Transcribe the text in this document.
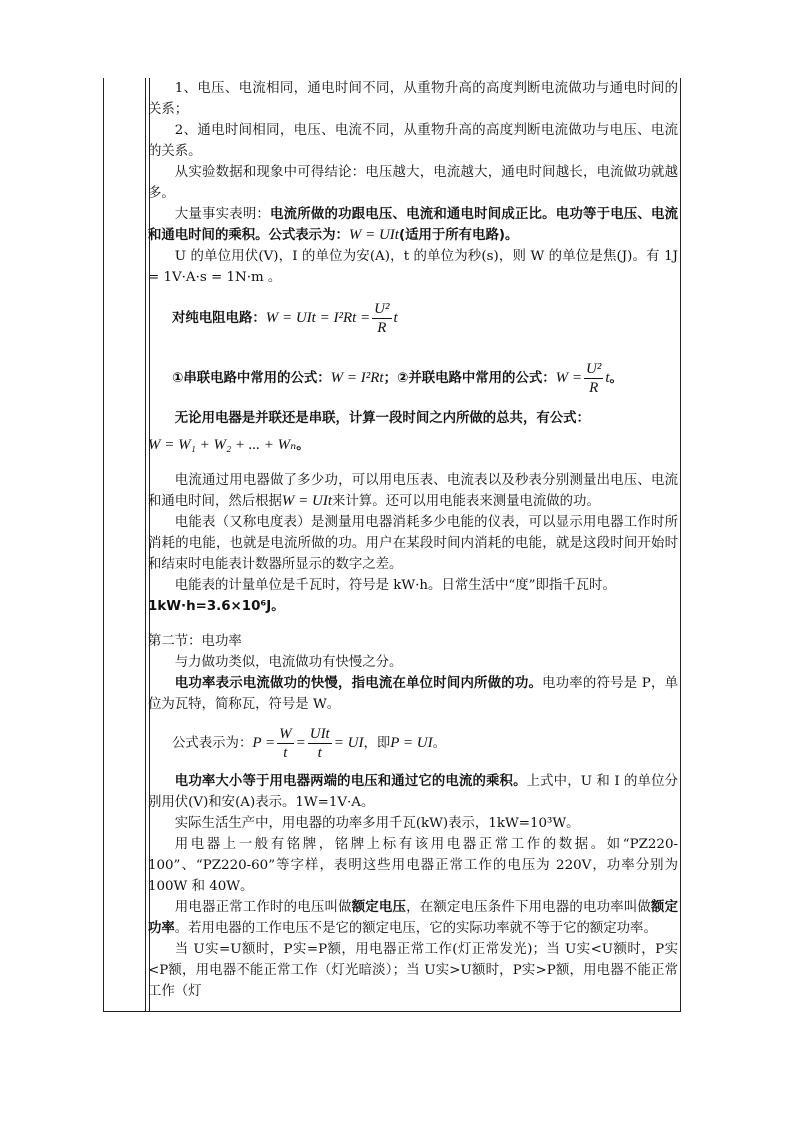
1、电压、电流相同，通电时间不同，从重物升高的高度判断电流做功与通电时间的关系；

2、通电时间相同，电压、电流不同，从重物升高的高度判断电流做功与电压、电流的关系。

从实验数据和现象中可得结论：电压越大，电流越大，通电时间越长，电流做功就越多。

大量事实表明：电流所做的功跟电压、电流和通电时间成正比。电功等于电压、电流和通电时间的乘积。公式表示为：W = UIt(适用于所有电路)。

U 的单位用伏(V)，I 的单位为安(A)，t 的单位为秒(s)，则 W 的单位是焦(J)。有 1J = 1V·A·s = 1N·m 。

对纯电阻电路： W = UIt = $I^2Rt = \frac{\text{U²}}{R}$ t
①串联电路中常用的公式： W = I²Rt ；②并联电路中常用的公式： $W = \frac{\text{U²}}{R}$ t 。

无论用电器是并联还是串联，计算一段时间之内所做的总共，有公式：

W = W₁ + W₂ + ... + Wₙ。

电流通过用电器做了多少功，可以用电压表、电流表以及秒表分别测量出电压、电流和通电时间，然后根据W = UIt来计算。还可以用电能表来测量电流做的功。

电能表（又称电度表）是测量用电器消耗多少电能的仪表，可以显示用电器工作时所消耗的电能，也就是电流所做的功。用户在某段时间内消耗的电能，就是这段时间开始时和结束时电能表计数器所显示的数字之差。

电能表的计量单位是千瓦时，符号是 kW·h。日常生活中“度”即指千瓦时。

1kW·h=3.6×10⁶J。

第二节：电功率

与力做功类似，电流做功有快慢之分。

电功率表示电流做功的快慢，指电流在单位时间内所做的功。电功率的符号是 P，单位为瓦特，简称瓦，符号是 W。

公式表示为： $P = \frac{W}{t} = \frac{\text{UIt}}{t}$ = UI ，即 P = UI 。

电功率大小等于用电器两端的电压和通过它的电流的乘积。上式中，U 和 I 的单位分别用伏(V)和安(A)表示。1W=1V·A。

实际生活生产中，用电器的功率多用千瓦(kW)表示，1kW=10³W。

用电器上一般有铭牌，铭牌上标有该用电器正常工作的数据。如“PZ220-100”、“PZ220-60”等字样，表明这些用电器正常工作的电压为 220V，功率分别为 100W 和 40W。

用电器正常工作时的电压叫做额定电压，在额定电压条件下用电器的电功率叫做额定功率。若用电器的工作电压不是它的额定电压，它的实际功率就不等于它的额定功率。

当 U实=U额时，P实=P额，用电器正常工作(灯正常发光)；当 U实<U额时，P实<P额，用电器不能正常工作（灯光暗淡）；当 U实>U额时，P实>P额，用电器不能正常工作（灯
